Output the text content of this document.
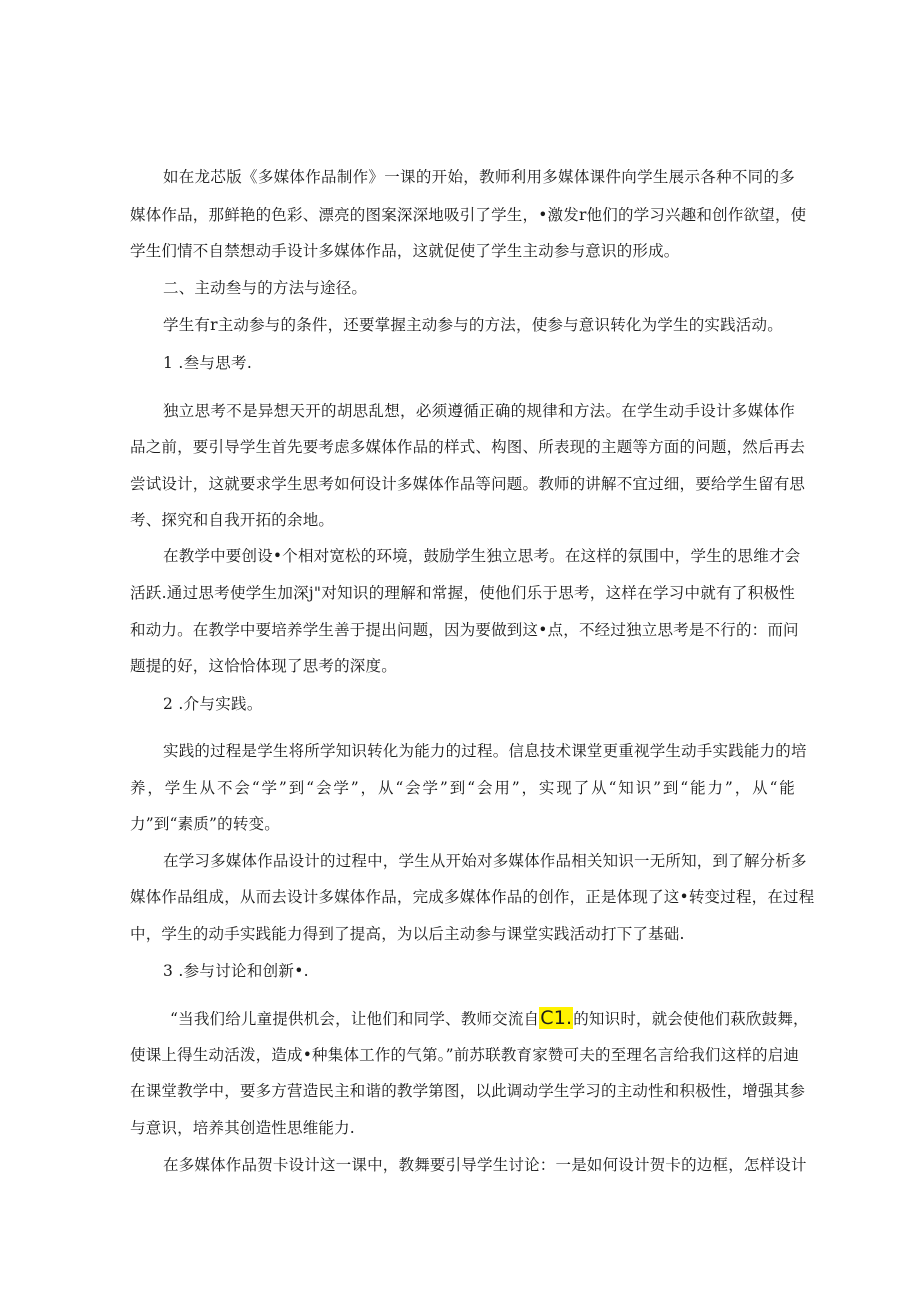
如在龙芯版《多媒体作品制作》一课的开始，教师利用多媒体课件向学生展示各种不同的多
媒体作品，那鲜艳的色彩、漂亮的图案深深地吸引了学生，•激发r他们的学习兴趣和创作欲望，使
学生们情不自禁想动手设计多媒体作品，这就促使了学生主动参与意识的形成。
二、主动叁与的方法与途径。
学生有r主动参与的条件，还要掌握主动参与的方法，使参与意识转化为学生的实践活动。
1 .叁与思考.
独立思考不是异想天开的胡思乱想，必须遵循正确的规律和方法。在学生动手设计多媒体作
品之前，要引导学生首先要考虑多媒体作品的样式、构图、所表现的主题等方面的问题，然后再去
尝试设计，这就要求学生思考如何设计多媒体作品等问题。教师的讲解不宜过细，要给学生留有思
考、探究和自我开拓的余地。
在教学中要创设•个相对宽松的环境，鼓励学生独立思考。在这样的氛围中，学生的思维才会
活跃.通过思考使学生加深j"对知识的理解和常握，使他们乐于思考，这样在学习中就有了积极性
和动力。在教学中要培养学生善于提出问题，因为要做到这•点，不经过独立思考是不行的：而问
题提的好，这恰恰体现了思考的深度。
2 .介与实践。
实践的过程是学生将所学知识转化为能力的过程。信息技术课堂更重视学生动手实践能力的培
养，学生从不会“学”到“会学”，从“会学”到“会用”，实现了从“知识”到“能力”，从“能
力”到“素质”的转变。
在学习多媒体作品设计的过程中，学生从开始对多媒体作品相关知识一无所知，到了解分析多
媒体作品组成，从而去设计多媒体作品，完成多媒体作品的创作，正是体现了这•转变过程，在过程
中，学生的动手实践能力得到了提高，为以后主动参与课堂实践活动打下了基础.
3 .参与讨论和创新•.
“当我们给儿童提供机会，让他们和同学、教师交流自C1.的知识时，就会使他们萩欣鼓舞，
使课上得生动活泼，造成•种集体工作的气第。”前苏联教育家赞可夫的至理名言给我们这样的启迪
在课堂教学中，要多方营造民主和谐的教学第图，以此调动学生学习的主动性和积极性，增强其参
与意识，培养其创造性思维能力.
在多媒体作品贺卡设计这一课中，教舞要引导学生讨论：一是如何设计贺卡的边框，怎样设计
